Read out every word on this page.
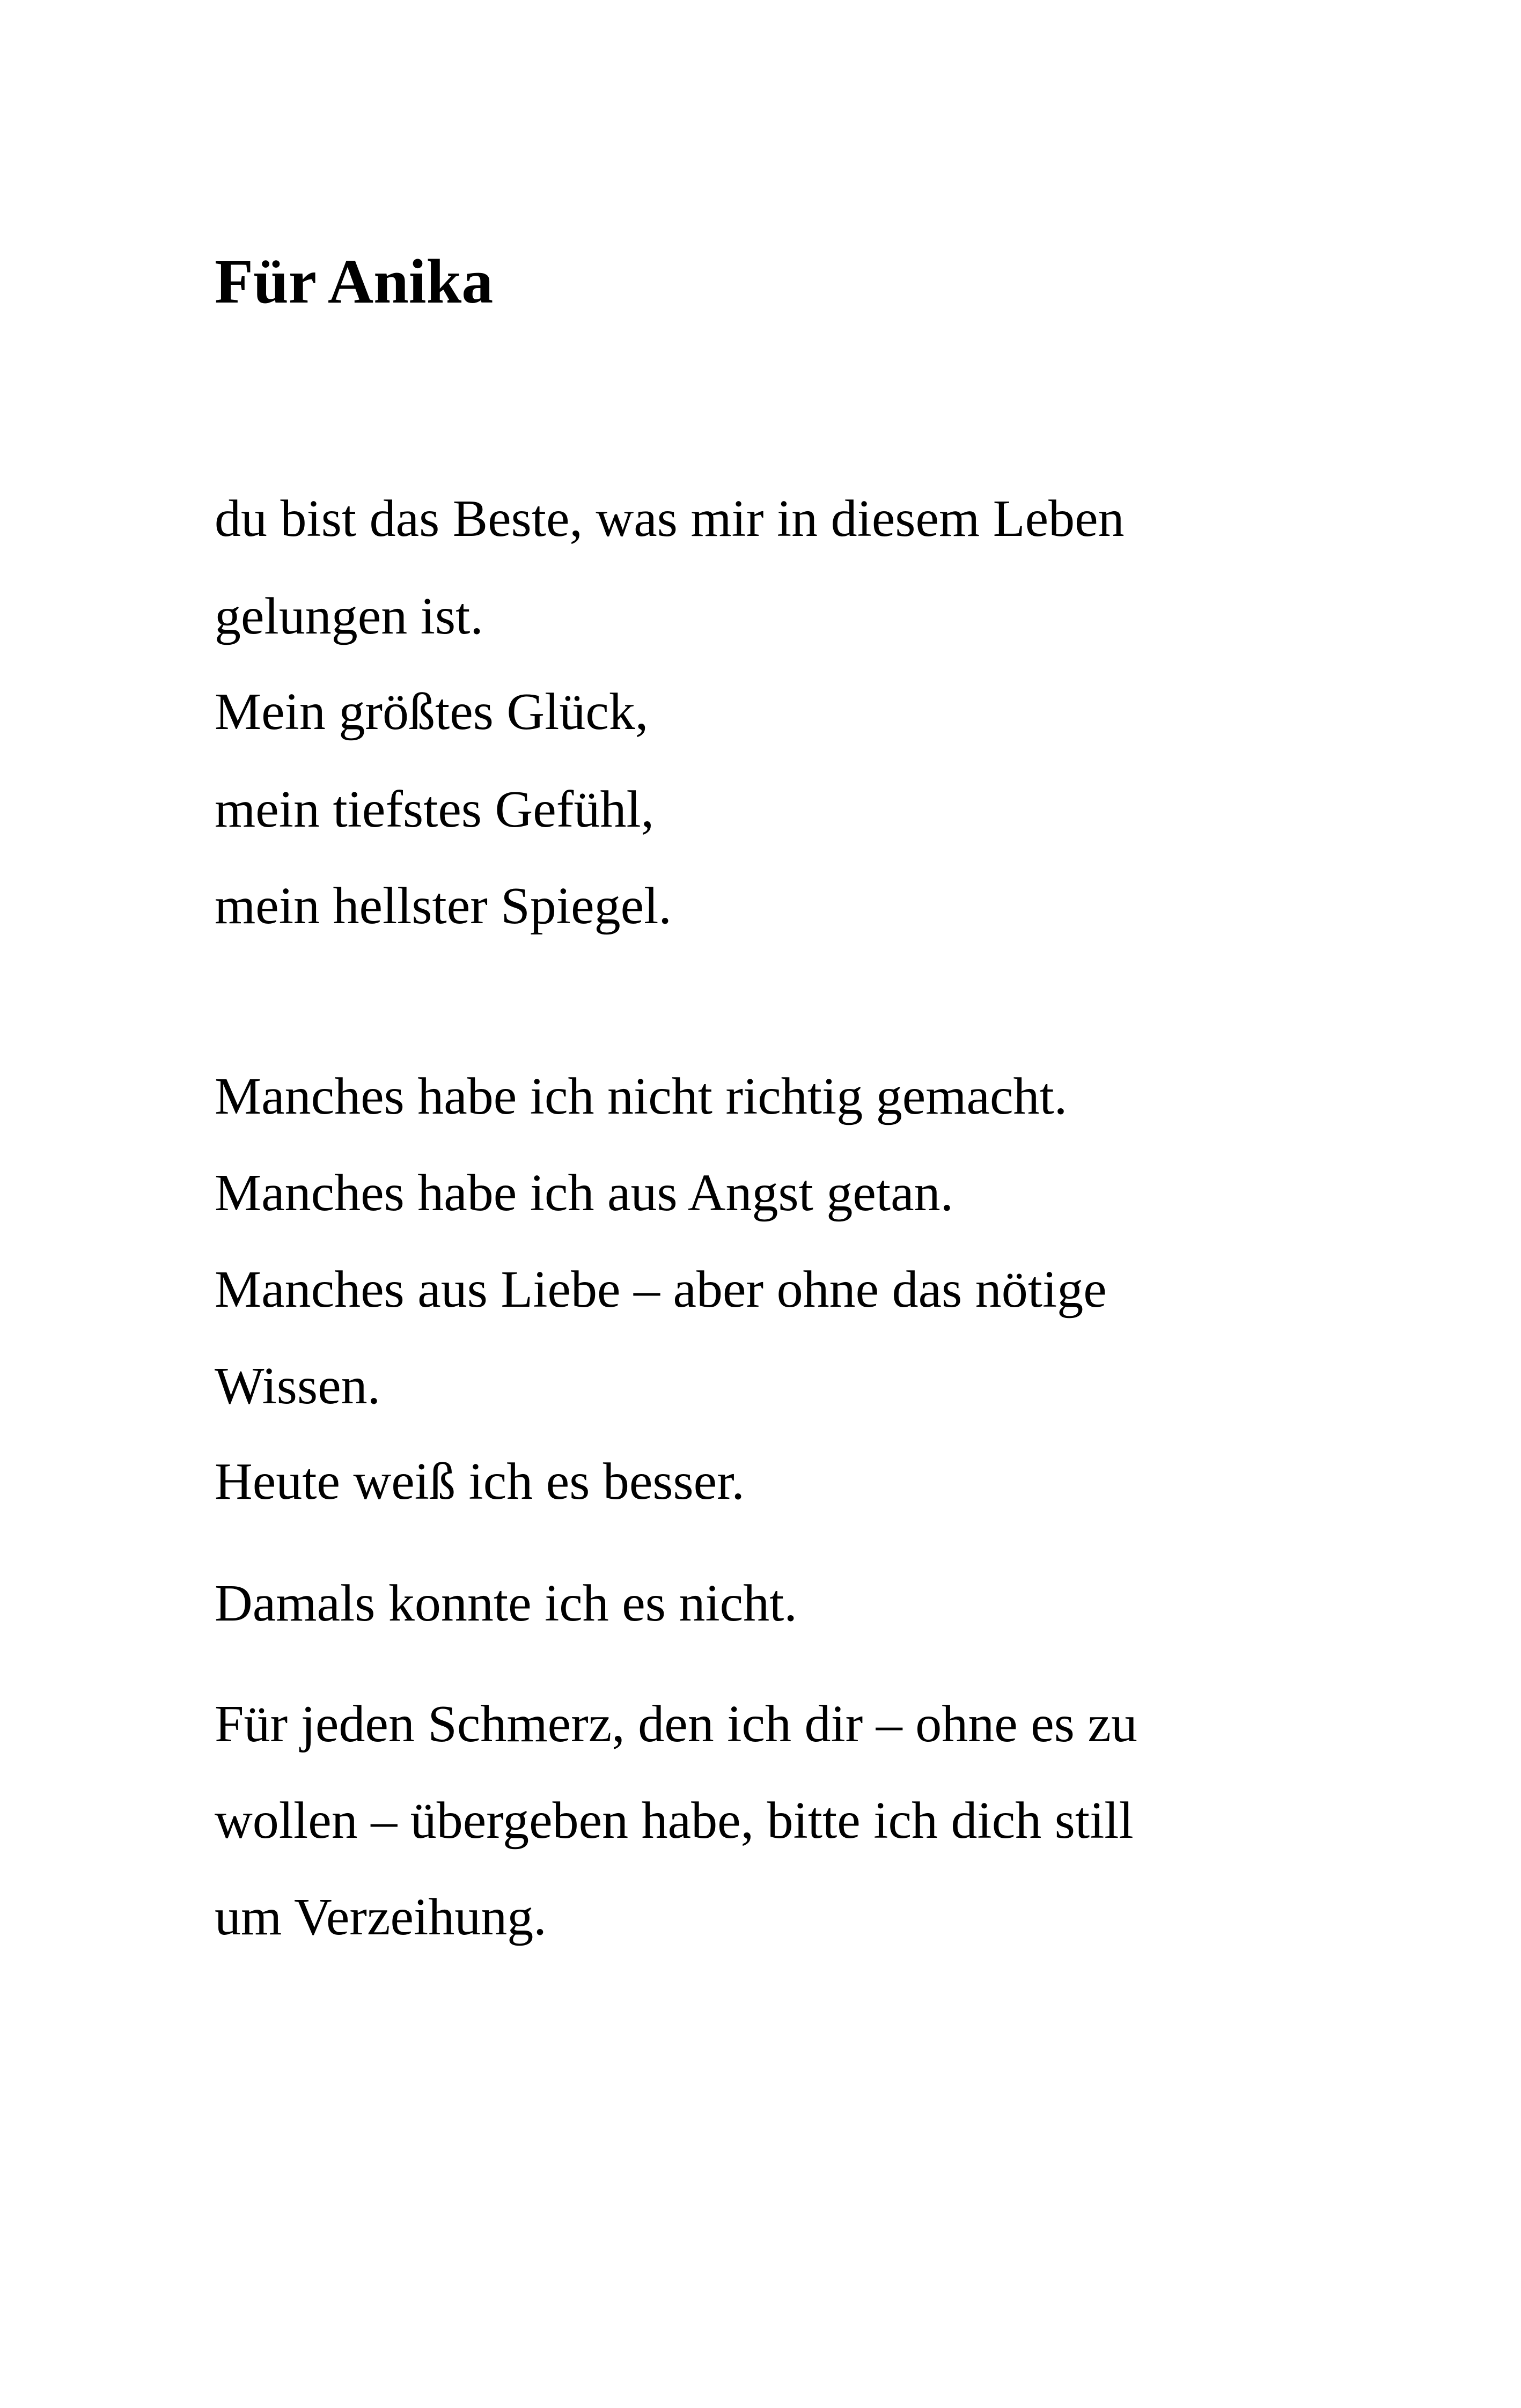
Für Anika

du bist das Beste, was mir in diesem Leben

gelungen ist.

Mein größtes Glück,

mein tiefstes Gefühl,

mein hellster Spiegel.

Manches habe ich nicht richtig gemacht.

Manches habe ich aus Angst getan.

Manches aus Liebe – aber ohne das nötige

Wissen.

Heute weiß ich es besser.

Damals konnte ich es nicht.

Für jeden Schmerz, den ich dir – ohne es zu

wollen – übergeben habe, bitte ich dich still

um Verzeihung.
